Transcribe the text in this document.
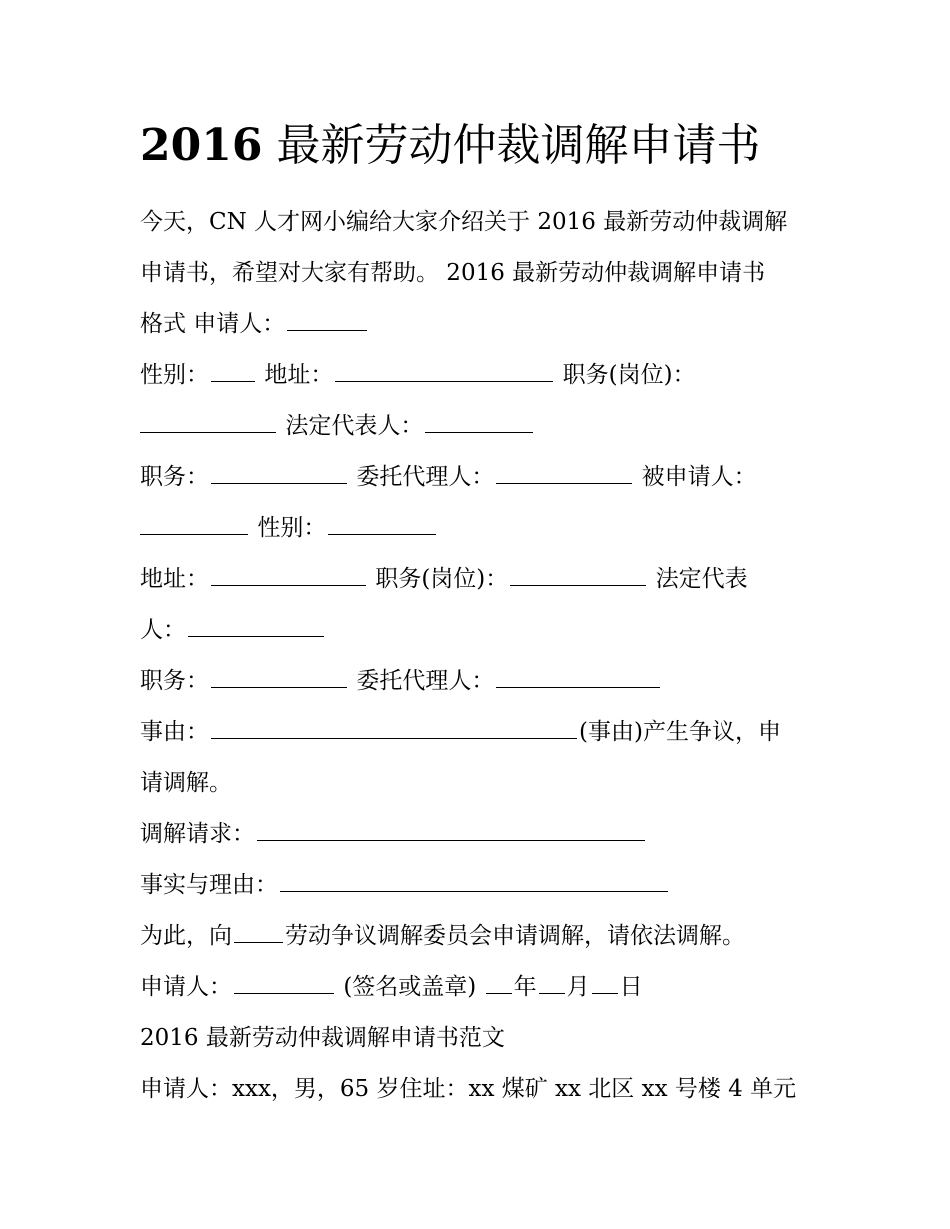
2016 最新劳动仲裁调解申请书
今天，CN 人才网小编给大家介绍关于 2016 最新劳动仲裁调解
申请书，希望对大家有帮助。 2016 最新劳动仲裁调解申请书
格式 申请人：
性别： 地址：	职务(岗位)：
法定代表人：
职务：	委托代理人：	被申请人：
性别：
地址：	职务(岗位)：	法定代表
人：
职务：	委托代理人：
事由：	(事由)产生争议，申
请调解。
调解请求：
事实与理由：
为此，向 劳动争议调解委员会申请调解，请依法调解。
申请人：	(签名或盖章) 年 月 日
2016 最新劳动仲裁调解申请书范文
申请人：xxx，男，65 岁住址：xx 煤矿 xx 北区 xx 号楼 4 单元
